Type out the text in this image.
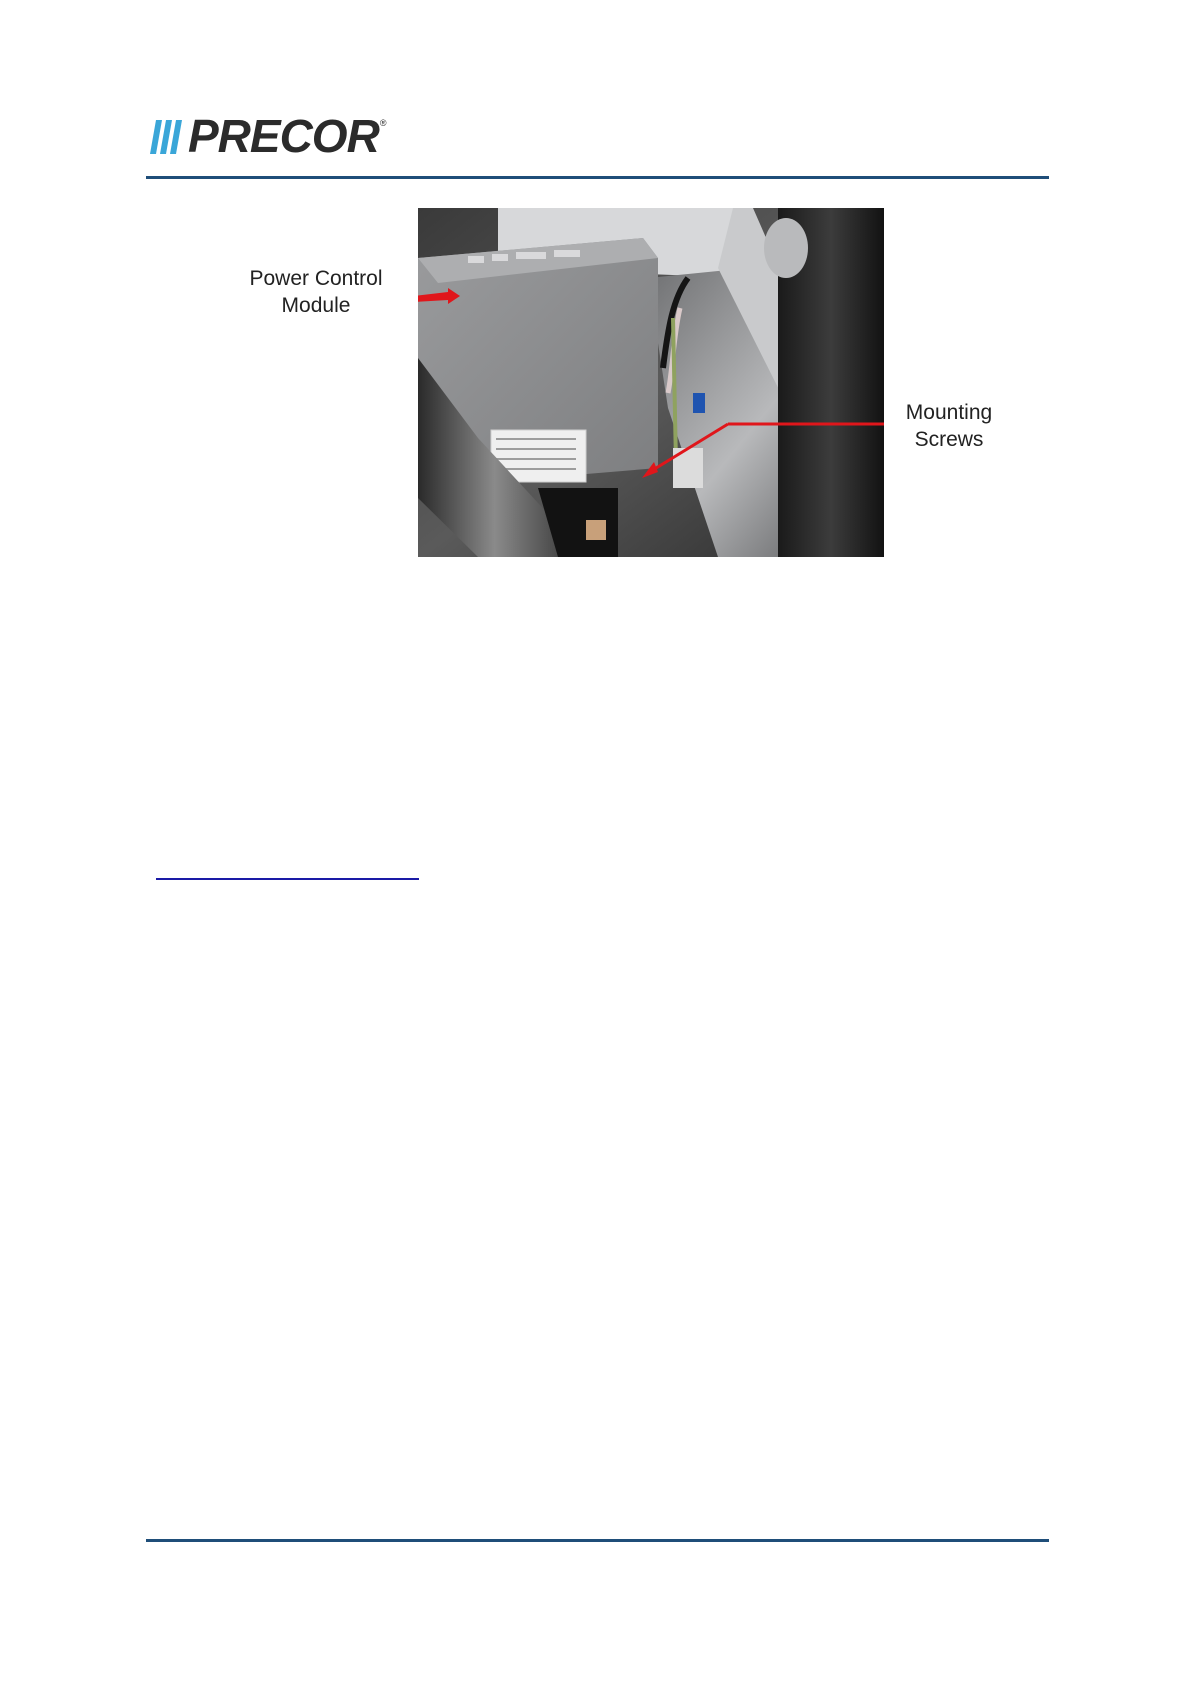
PRECOR ®
Power Control
Module
Mounting
Screws
